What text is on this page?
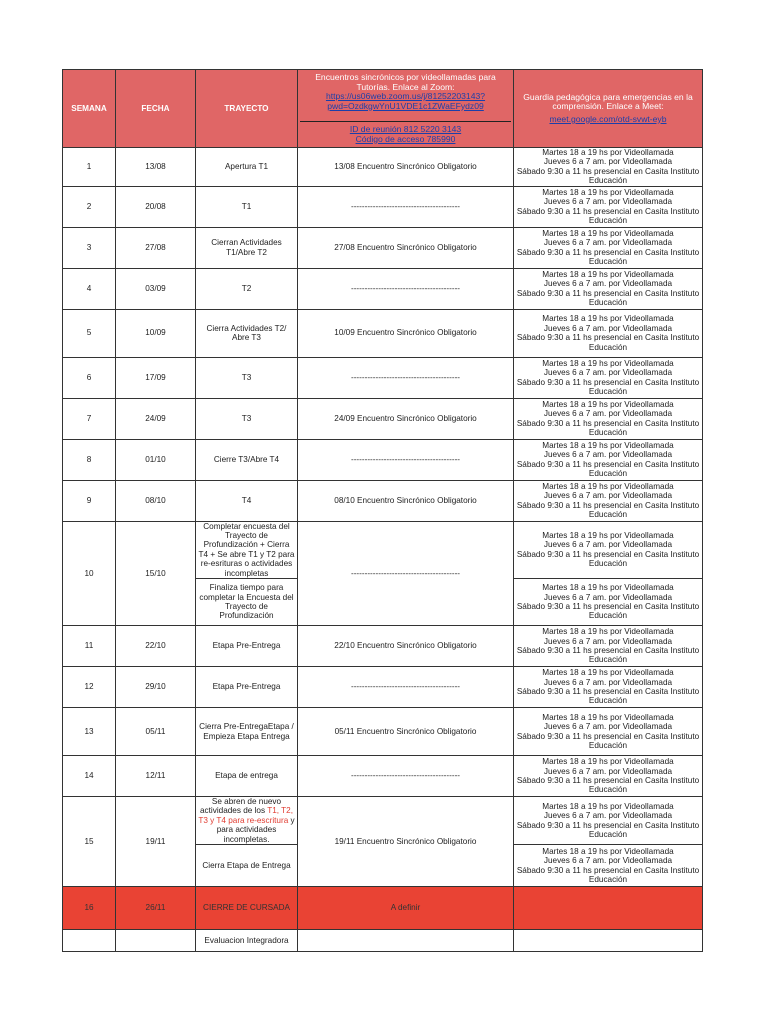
SEMANA	FECHA	TRAYECTO	Encuentros sincrónicos por videollamadas para Tutorías. Enlace al Zoom: https://us06web.zoom.us/j/81252203143?pwd=OzdkgwYnU1VDE1c1ZWaEFydz09
ID de reunión 812 5220 3143
Código de acceso 785990	Guardia pedagógica para emergencias en la comprensión. Enlace a Meet:
meet.google.com/otd-svwt-eyb

1	13/08	Apertura T1	13/08 Encuentro Sincrónico Obligatorio	Martes 18 a 19 hs por Videollamada
Jueves 6 a 7 am. por Videollamada
Sábado 9:30 a 11 hs presencial en Casita Instituto
Educación

2	20/08	T1	----------------------------------------	Martes 18 a 19 hs por Videollamada
Jueves 6 a 7 am. por Videollamada
Sábado 9:30 a 11 hs presencial en Casita Instituto
Educación

3	27/08	Cierran Actividades T1/Abre T2	27/08 Encuentro Sincrónico Obligatorio	Martes 18 a 19 hs por Videollamada
Jueves 6 a 7 am. por Videollamada
Sábado 9:30 a 11 hs presencial en Casita Instituto
Educación

4	03/09	T2	----------------------------------------	Martes 18 a 19 hs por Videollamada
Jueves 6 a 7 am. por Videollamada
Sábado 9:30 a 11 hs presencial en Casita Instituto
Educación

5	10/09	Cierra Actividades T2/ Abre T3	10/09 Encuentro Sincrónico Obligatorio	Martes 18 a 19 hs por Videollamada
Jueves 6 a 7 am. por Videollamada
Sábado 9:30 a 11 hs presencial en Casita Instituto
Educación

6	17/09	T3	----------------------------------------	Martes 18 a 19 hs por Videollamada
Jueves 6 a 7 am. por Videollamada
Sábado 9:30 a 11 hs presencial en Casita Instituto
Educación

7	24/09	T3	24/09 Encuentro Sincrónico Obligatorio	Martes 18 a 19 hs por Videollamada
Jueves 6 a 7 am. por Videollamada
Sábado 9:30 a 11 hs presencial en Casita Instituto
Educación

8	01/10	Cierre T3/Abre T4	----------------------------------------	Martes 18 a 19 hs por Videollamada
Jueves 6 a 7 am. por Videollamada
Sábado 9:30 a 11 hs presencial en Casita Instituto
Educación

9	08/10	T4	08/10 Encuentro Sincrónico Obligatorio	Martes 18 a 19 hs por Videollamada
Jueves 6 a 7 am. por Videollamada
Sábado 9:30 a 11 hs presencial en Casita Instituto
Educación

10	15/10	Completar encuesta del Trayecto de Profundización + Cierra T4 + Se abre T1 y T2 para re-esrituras o actividades incompletas	----------------------------------------	Martes 18 a 19 hs por Videollamada
Jueves 6 a 7 am. por Videollamada
Sábado 9:30 a 11 hs presencial en Casita Instituto
Educación

		Finaliza tiempo para completar la Encuesta del Trayecto de Profundización		Martes 18 a 19 hs por Videollamada
Jueves 6 a 7 am. por Videollamada
Sábado 9:30 a 11 hs presencial en Casita Instituto
Educación

11	22/10	Etapa Pre-Entrega	22/10 Encuentro Sincrónico Obligatorio	Martes 18 a 19 hs por Videollamada
Jueves 6 a 7 am. por Videollamada
Sábado 9:30 a 11 hs presencial en Casita Instituto
Educación

12	29/10	Etapa Pre-Entrega	----------------------------------------	Martes 18 a 19 hs por Videollamada
Jueves 6 a 7 am. por Videollamada
Sábado 9:30 a 11 hs presencial en Casita Instituto
Educación

13	05/11	Cierra Pre-EntregaEtapa / Empieza Etapa Entrega	05/11 Encuentro Sincrónico Obligatorio	Martes 18 a 19 hs por Videollamada
Jueves 6 a 7 am. por Videollamada
Sábado 9:30 a 11 hs presencial en Casita Instituto
Educación

14	12/11	Etapa de entrega	----------------------------------------	Martes 18 a 19 hs por Videollamada
Jueves 6 a 7 am. por Videollamada
Sábado 9:30 a 11 hs presencial en Casita Instituto
Educación

15	19/11	Se abren de nuevo actividades de los T1, T2, T3 y T4 para re-escritura y para actividades incompletas.	19/11 Encuentro Sincrónico Obligatorio	Martes 18 a 19 hs por Videollamada
Jueves 6 a 7 am. por Videollamada
Sábado 9:30 a 11 hs presencial en Casita Instituto
Educación

		Cierra Etapa de Entrega		Martes 18 a 19 hs por Videollamada
Jueves 6 a 7 am. por Videollamada
Sábado 9:30 a 11 hs presencial en Casita Instituto
Educación

16	26/11	CIERRE DE CURSADA	A definir	
		Evaluacion Integradora		
